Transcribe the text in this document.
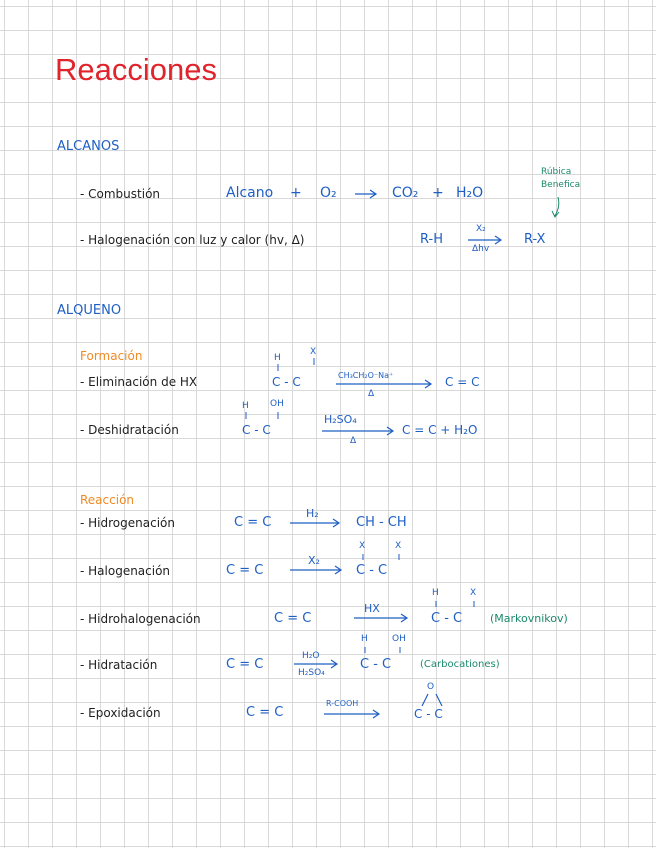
Reacciones
ALCANOS
- Combustión	Alcano + O₂	CO₂ + H₂O
Rúbica
Benefica
- Halogenación con luz y calor (hv, Δ)	R-H
X₂
Δhv
R-X
ALQUENO
Formación
- Eliminación de HX
H
X
C - C	CH₃CH₂O⁻Na⁺
Δ
C = C
- Deshidratación
H OH
C - C
H₂SO₄
Δ
C = C + H₂O
Reacción
- Hidrogenación	C = C
H₂
CH - CH
- Halogenación	C = C
X₂
X	X
C - C
- Hidrohalogenación	C = C
HX
H	X
C - C	(Markovnikov)
- Hidratación	C = C
H₂O
H₂SO₄
H	OH
C - C	(Carbocationes)
- Epoxidación	C = C
R-COOH
O
C - C
